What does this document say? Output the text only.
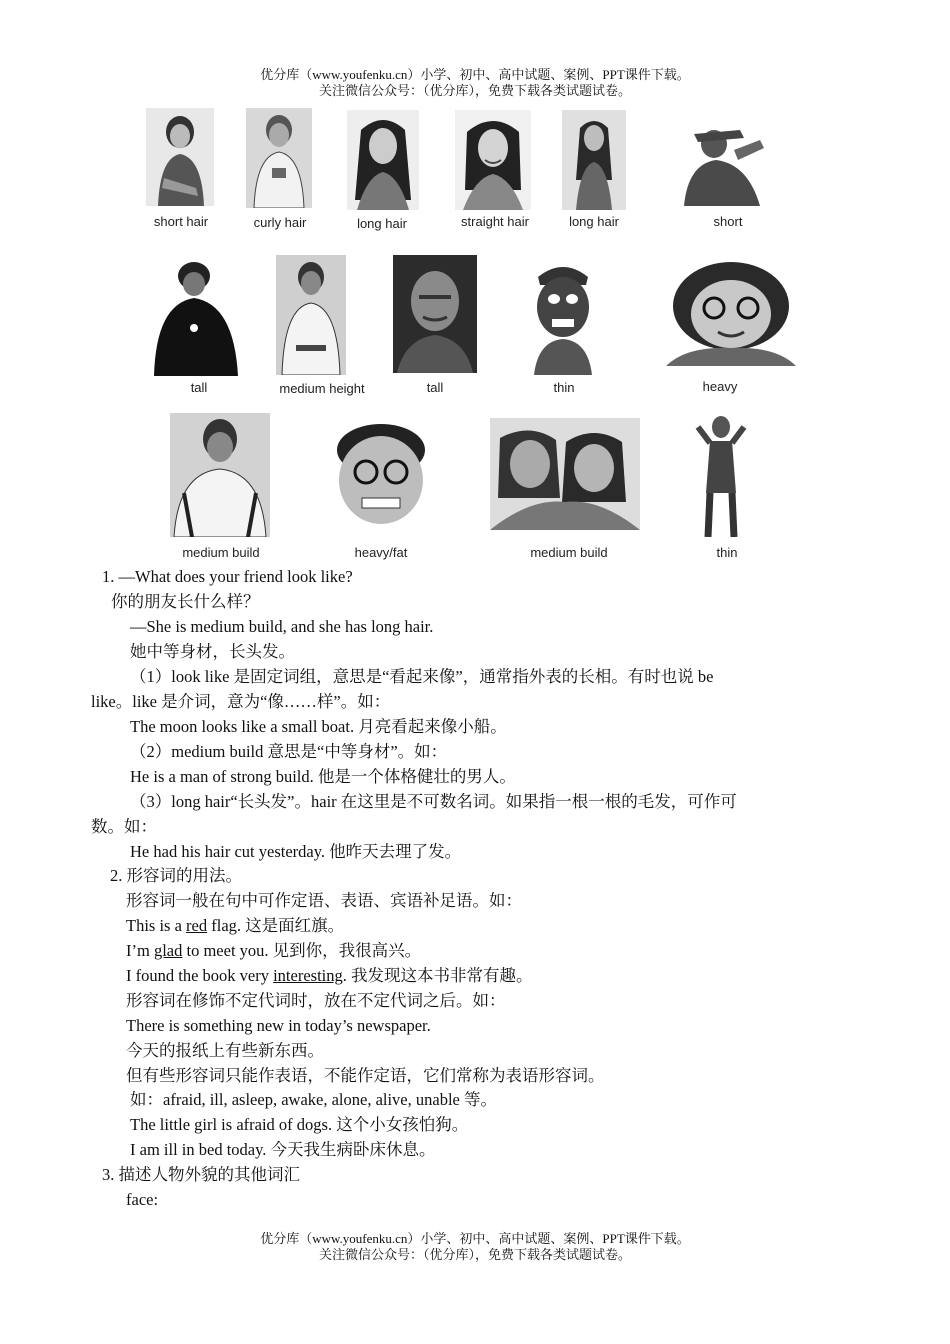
优分库（www.youfenku.cn）小学、初中、高中试题、案例、PPT课件下载。
关注微信公众号：（优分库），免费下载各类试题试卷。
short hair	curly hair	long hair	straight hair	long hair	short
tall	medium height	tall	thin	heavy
medium build	heavy/fat	medium build	thin
1. —What does your friend look like?
你的朋友长什么样？
—She is medium build, and she has long hair.
她中等身材，长头发。
（1）look like 是固定词组，意思是“看起来像”，通常指外表的长相。有时也说 be
like。like 是介词，意为“像……样”。如：
The moon looks like a small boat. 月亮看起来像小船。
（2）medium build 意思是“中等身材”。如：
He is a man of strong build. 他是一个体格健壮的男人。
（3）long hair“长头发”。hair 在这里是不可数名词。如果指一根一根的毛发，可作可
数。如：
He had his hair cut yesterday. 他昨天去理了发。
2. 形容词的用法。
形容词一般在句中可作定语、表语、宾语补足语。如：
This is a red flag. 这是面红旗。
I’m glad to meet you. 见到你，我很高兴。
I found the book very interesting. 我发现这本书非常有趣。
形容词在修饰不定代词时，放在不定代词之后。如：
There is something new in today’s newspaper.
今天的报纸上有些新东西。
但有些形容词只能作表语，不能作定语，它们常称为表语形容词。
如：afraid, ill, asleep, awake, alone, alive, unable 等。
The little girl is afraid of dogs. 这个小女孩怕狗。
I am ill in bed today. 今天我生病卧床休息。
3. 描述人物外貌的其他词汇
face:
优分库（www.youfenku.cn）小学、初中、高中试题、案例、PPT课件下载。
关注微信公众号：（优分库），免费下载各类试题试卷。
